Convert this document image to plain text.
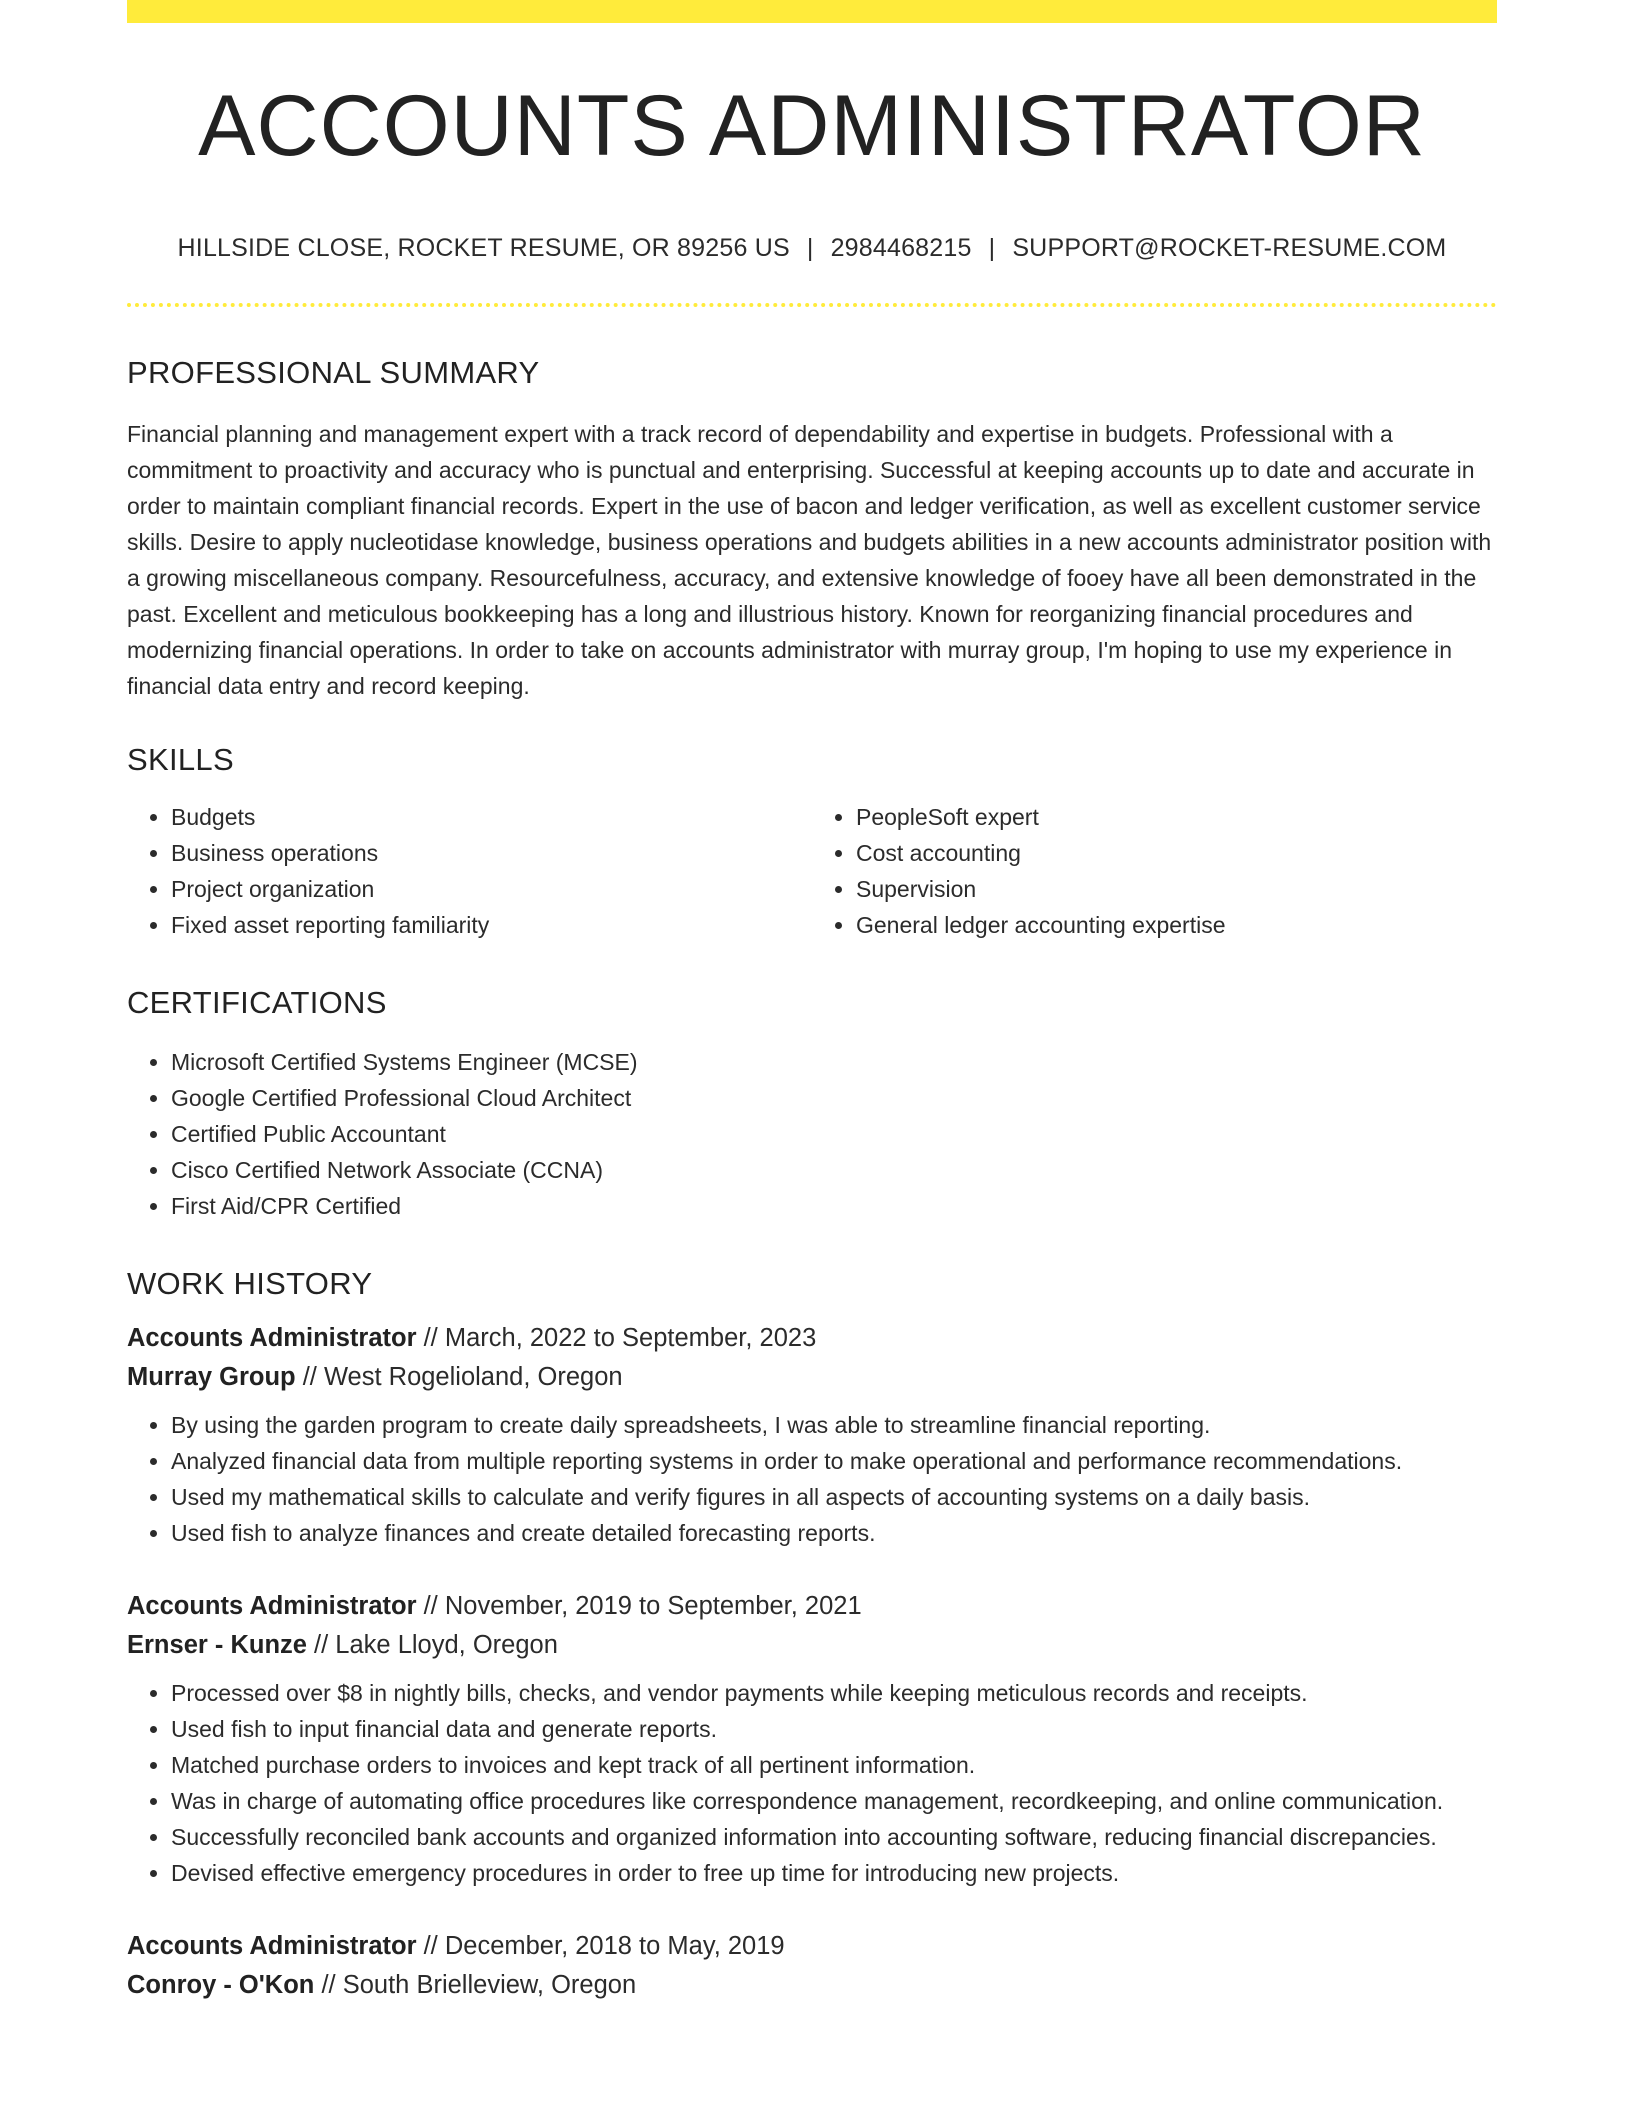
ACCOUNTS ADMINISTRATOR
HILLSIDE CLOSE, ROCKET RESUME, OR 89256 US | 2984468215 | SUPPORT@ROCKET-RESUME.COM
PROFESSIONAL SUMMARY

Financial planning and management expert with a track record of dependability and expertise in budgets. Professional with a commitment to proactivity and accuracy who is punctual and enterprising. Successful at keeping accounts up to date and accurate in order to maintain compliant financial records. Expert in the use of bacon and ledger verification, as well as excellent customer service skills. Desire to apply nucleotidase knowledge, business operations and budgets abilities in a new accounts administrator position with a growing miscellaneous company. Resourcefulness, accuracy, and extensive knowledge of fooey have all been demonstrated in the past. Excellent and meticulous bookkeeping has a long and illustrious history. Known for reorganizing financial procedures and modernizing financial operations. In order to take on accounts administrator with murray group, I'm hoping to use my experience in financial data entry and record keeping.

SKILLS
• Budgets
• Business operations
• Project organization
• Fixed asset reporting familiarity
• PeopleSoft expert
• Cost accounting
• Supervision
• General ledger accounting expertise
CERTIFICATIONS
• Microsoft Certified Systems Engineer (MCSE)
• Google Certified Professional Cloud Architect
• Certified Public Accountant
• Cisco Certified Network Associate (CCNA)
• First Aid/CPR Certified
WORK HISTORY
Accounts Administrator // March, 2022 to September, 2023
Murray Group // West Rogelioland, Oregon
• By using the garden program to create daily spreadsheets, I was able to streamline financial reporting.
• Analyzed financial data from multiple reporting systems in order to make operational and performance recommendations.
• Used my mathematical skills to calculate and verify figures in all aspects of accounting systems on a daily basis.
• Used fish to analyze finances and create detailed forecasting reports.
Accounts Administrator // November, 2019 to September, 2021
Ernser - Kunze // Lake Lloyd, Oregon
• Processed over $8 in nightly bills, checks, and vendor payments while keeping meticulous records and receipts.
• Used fish to input financial data and generate reports.
• Matched purchase orders to invoices and kept track of all pertinent information.
• Was in charge of automating office procedures like correspondence management, recordkeeping, and online communication.
• Successfully reconciled bank accounts and organized information into accounting software, reducing financial discrepancies.
• Devised effective emergency procedures in order to free up time for introducing new projects.
Accounts Administrator // December, 2018 to May, 2019
Conroy - O'Kon // South Brielleview, Oregon
